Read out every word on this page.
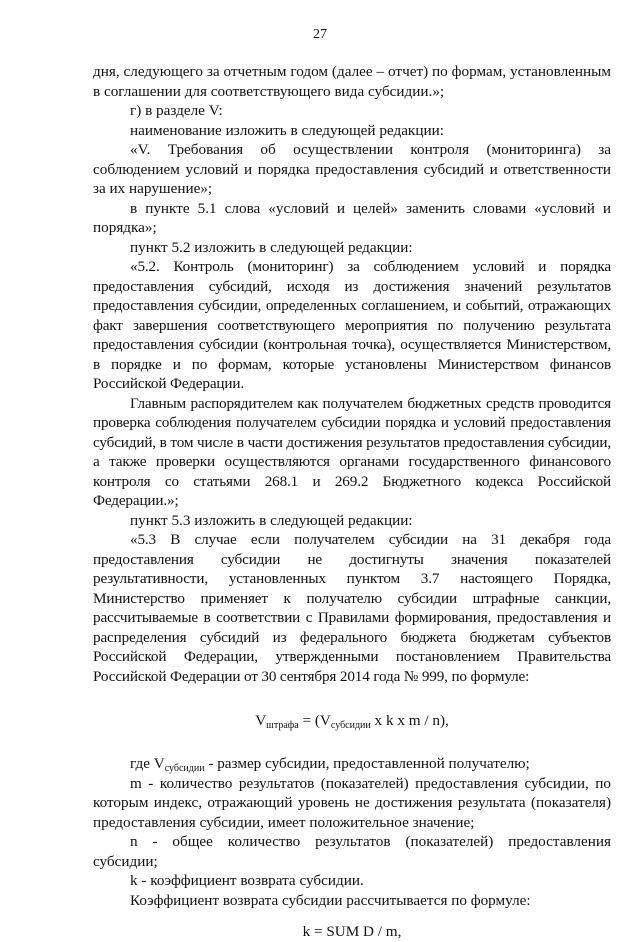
27

дня, следующего за отчетным годом (далее – отчет) по формам, установленным в соглашении для соответствующего вида субсидии.»;

г) в разделе V:

наименование изложить в следующей редакции:

«V. Требования об осуществлении контроля (мониторинга) за соблюдением условий и порядка предоставления субсидий и ответственности за их нарушение»;

в пункте 5.1 слова «условий и целей» заменить словами «условий и порядка»;

пункт 5.2 изложить в следующей редакции:

«5.2. Контроль (мониторинг) за соблюдением условий и порядка предоставления субсидий, исходя из достижения значений результатов предоставления субсидии, определенных соглашением, и событий, отражающих факт завершения соответствующего мероприятия по получению результата предоставления субсидии (контрольная точка), осуществляется Министерством, в порядке и по формам, которые установлены Министерством финансов Российской Федерации.

Главным распорядителем как получателем бюджетных средств проводится проверка соблюдения получателем субсидии порядка и условий предоставления субсидий, в том числе в части достижения результатов предоставления субсидии, а также проверки осуществляются органами государственного финансового контроля со статьями 268.1 и 269.2 Бюджетного кодекса Российской Федерации.»;

пункт 5.3 изложить в следующей редакции:

«5.3 В случае если получателем субсидии на 31 декабря года предоставления субсидии не достигнуты значения показателей результативности, установленных пунктом 3.7 настоящего Порядка, Министерство применяет к получателю субсидии штрафные санкции, рассчитываемые в соответствии с Правилами формирования, предоставления и распределения субсидий из федерального бюджета бюджетам субъектов Российской Федерации, утвержденными постановлением Правительства Российской Федерации от 30 сентября 2014 года № 999, по формуле:

$V_{штрафа} = (V_{субсидии}$ x k x m / n),

где $V_{субсидии}$ - размер субсидии, предоставленной получателю;

m - количество результатов (показателей) предоставления субсидии, по которым индекс, отражающий уровень не достижения результата (показателя) предоставления субсидии, имеет положительное значение;

n - общее количество результатов (показателей) предоставления субсидии;

k - коэффициент возврата субсидии.

Коэффициент возврата субсидии рассчитывается по формуле:

k = SUM D / m,
